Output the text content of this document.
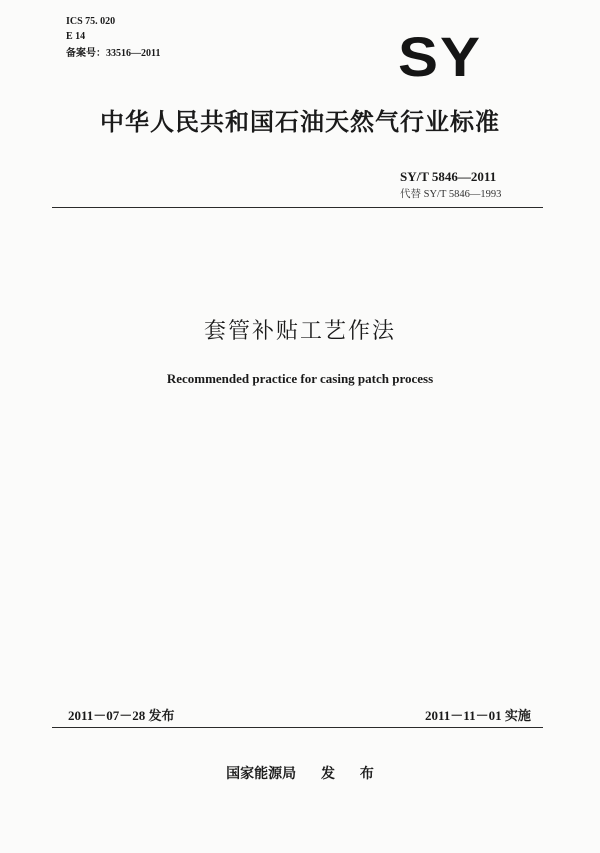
ICS 75. 020
E 14
备案号：33516—2011	SY
中华人民共和国石油天然气行业标准
SY/T 5846—2011
代替 SY/T 5846—1993
套管补贴工艺作法
Recommended practice for casing patch process
2011－07－28 发布	2011－11－01 实施
国家能源局 发 布
